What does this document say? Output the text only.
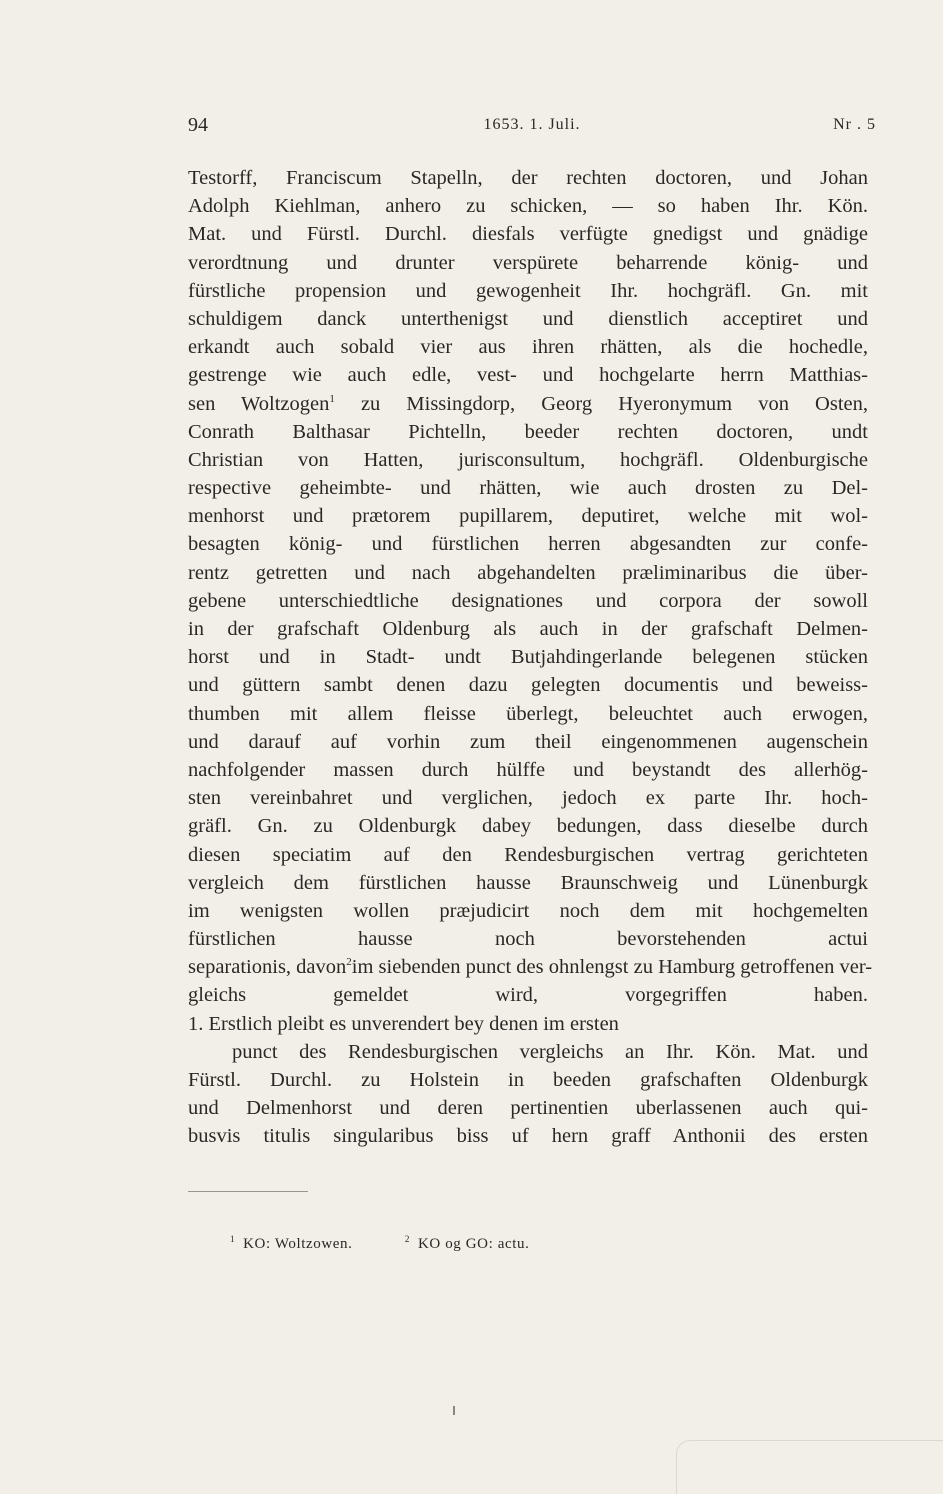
94	1653. 1. Juli.	Nr . 5
Testorff, Franciscum Stapelln, der rechten doctoren, und Johan
Adolph Kiehlman, anhero zu schicken, — so haben Ihr. Kön.
Mat. und Fürstl. Durchl. diesfals verfügte gnedigst und gnädige
verordtnung und drunter verspürete beharrende könig- und
fürstliche propension und gewogenheit Ihr. hochgräfl. Gn. mit
schuldigem danck unterthenigst und dienstlich acceptiret und
erkandt auch sobald vier aus ihren rhätten, als die hochedle,
gestrenge wie auch edle, vest- und hochgelarte herrn Matthias-
sen Woltzogen$^1$ zu Missingdorp, Georg Hyeronymum von Osten,
Conrath Balthasar Pichtelln, beeder rechten doctoren, undt
Christian von Hatten, jurisconsultum, hochgräfl. Oldenburgische
respective geheimbte- und rhätten, wie auch drosten zu Del-
menhorst und prætorem pupillarem, deputiret, welche mit wol-
besagten könig- und fürstlichen herren abgesandten zur confe-
rentz getretten und nach abgehandelten præliminaribus die über-
gebene unterschiedtliche designationes und corpora der sowoll
in der grafschaft Oldenburg als auch in der grafschaft Delmen-
horst und in Stadt- undt Butjahdingerlande belegenen stücken
und güttern sambt denen dazu gelegten documentis und beweiss-
thumben mit allem fleisse überlegt, beleuchtet auch erwogen,
und darauf auf vorhin zum theil eingenommenen augenschein
nachfolgender massen durch hülffe und beystandt des allerhög-
sten vereinbahret und verglichen, jedoch ex parte Ihr. hoch-
gräfl. Gn. zu Oldenburgk dabey bedungen, dass dieselbe durch
diesen speciatim auf den Rendesburgischen vertrag gerichteten
vergleich dem fürstlichen hausse Braunschweig und Lünenburgk
im wenigsten wollen præjudicirt noch dem mit hochgemelten
fürstlichen hausse noch bevorstehenden actui
separationis, davon$^2$im siebenden punct des ohnlengst zu Hamburg getroffenen ver-
gleichs gemeldet wird, vorgegriffen haben.
1. Erstlich pleibt es unverendert bey denen im ersten
punct des Rendesburgischen vergleichs an Ihr. Kön. Mat. und
Fürstl. Durchl. zu Holstein in beeden grafschaften Oldenburgk
und Delmenhorst und deren pertinentien uberlassenen auch qui-
busvis titulis singularibus biss uf hern graff Anthonii des ersten
$^1$ KO: Woltzowen.	$^2$ KO og GO: actu.
